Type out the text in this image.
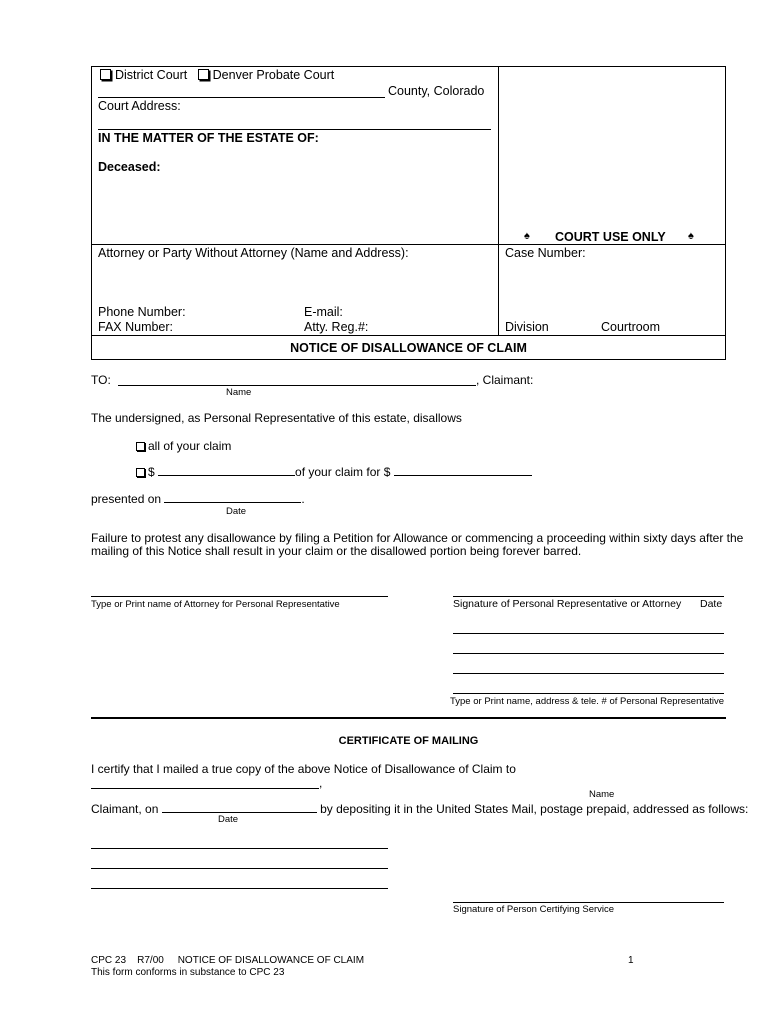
District Court Denver Probate Court
County, Colorado
Court Address:
IN THE MATTER OF THE ESTATE OF:
Deceased:
♠ COURT USE ONLY ♠
Attorney or Party Without Attorney (Name and Address):	Case Number:
Phone Number:	E-mail:
FAX Number:	Atty. Reg.#:	Division	Courtroom
NOTICE OF DISALLOWANCE OF CLAIM
TO:	, Claimant:
Name
The undersigned, as Personal Representative of this estate, disallows
all of your claim
$	of your claim for $
presented on	.
Date
Failure to protest any disallowance by filing a Petition for Allowance or commencing a proceeding within sixty days after the
mailing of this Notice shall result in your claim or the disallowed portion being forever barred.
Type or Print name of Attorney for Personal Representative	Signature of Personal Representative or Attorney Date
Type or Print name, address & tele. # of Personal Representative
CERTIFICATE OF MAILING
I certify that I mailed a true copy of the above Notice of Disallowance of Claim to
,
Name
Claimant, on	by depositing it in the United States Mail, postage prepaid, addressed as follows:
Date
Signature of Person Certifying Service
CPC 23    R7/00     NOTICE OF DISALLOWANCE OF CLAIM
This form conforms in substance to CPC 23
1
